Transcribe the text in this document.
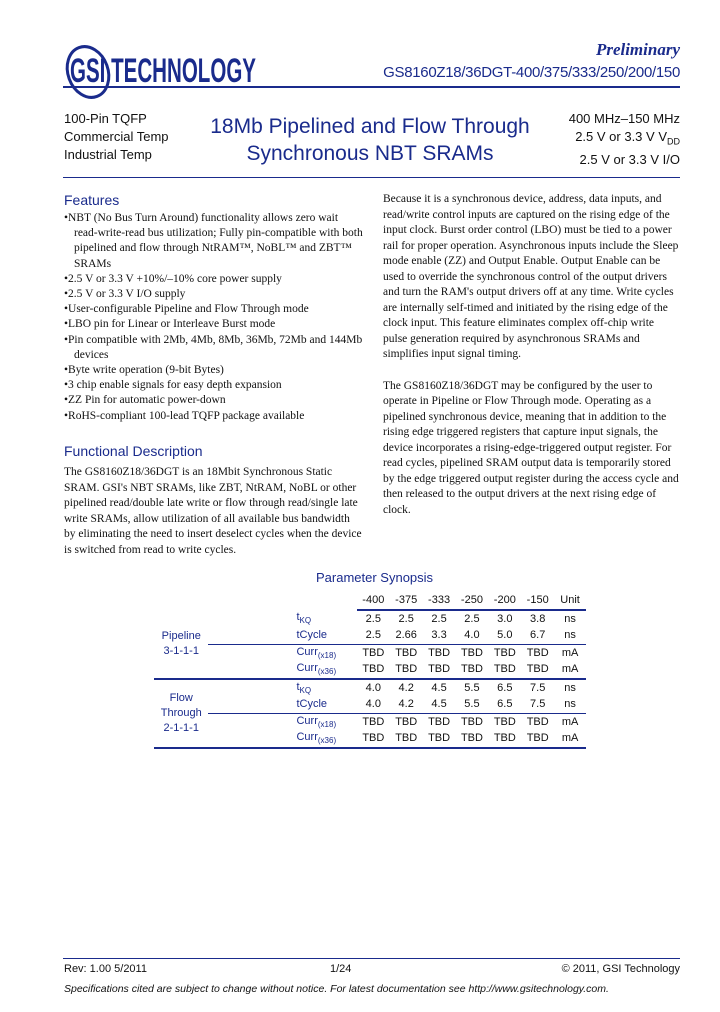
GSI TECHNOLOGY
Preliminary
GS8160Z18/36DGT-400/375/333/250/200/150
100-Pin TQFP
Commercial Temp
Industrial Temp
18Mb Pipelined and Flow Through
Synchronous NBT SRAMs
400 MHz–150 MHz
2.5 V or 3.3 V $V_{DD}$
2.5 V or 3.3 V I/O
Features
• NBT (No Bus Turn Around) functionality allows zero wait read-write-read bus utilization; Fully pin-compatible with both pipelined and flow through NtRAM™, NoBL™ and ZBT™ SRAMs
• 2.5 V or 3.3 V +10%/–10% core power supply
• 2.5 V or 3.3 V I/O supply
• User-configurable Pipeline and Flow Through mode
• LBO pin for Linear or Interleave Burst mode
• Pin compatible with 2Mb, 4Mb, 8Mb, 36Mb, 72Mb and 144Mb devices
• Byte write operation (9-bit Bytes)
• 3 chip enable signals for easy depth expansion
• ZZ Pin for automatic power-down
• RoHS-compliant 100-lead TQFP package available
Functional Description

The GS8160Z18/36DGT is an 18Mbit Synchronous Static SRAM. GSI's NBT SRAMs, like ZBT, NtRAM, NoBL or other pipelined read/double late write or flow through read/single late write SRAMs, allow utilization of all available bus bandwidth by eliminating the need to insert deselect cycles when the device is switched from read to write cycles.

Because it is a synchronous device, address, data inputs, and read/write control inputs are captured on the rising edge of the input clock. Burst order control (LBO) must be tied to a power rail for proper operation. Asynchronous inputs include the Sleep mode enable (ZZ) and Output Enable. Output Enable can be used to override the synchronous control of the output drivers and turn the RAM's output drivers off at any time. Write cycles are internally self-timed and initiated by the rising edge of the clock input. This feature eliminates complex off-chip write pulse generation required by asynchronous SRAMs and simplifies input signal timing.

The GS8160Z18/36DGT may be configured by the user to operate in Pipeline or Flow Through mode. Operating as a pipelined synchronous device, meaning that in addition to the rising edge triggered registers that capture input signals, the device incorporates a rising-edge-triggered output register. For read cycles, pipelined SRAM output data is temporarily stored by the edge triggered output register during the access cycle and then released to the output drivers at the next rising edge of clock.

Parameter Synopsis
		-400	-375	-333	-250	-200	-150	Unit

Pipeline
3-1-1-1	$t_{KQ}$	2.5	2.5	2.5	2.5	3.0	3.8	ns
	tCycle	2.5	2.66	3.3	4.0	5.0	6.7	ns
	Curr$_{(x18)}$	TBD	TBD	TBD	TBD	TBD	TBD	mA
	Curr$_{(x36)}$	TBD	TBD	TBD	TBD	TBD	TBD	mA

Flow
Through
2-1-1-1	$t_{KQ}$	4.0	4.2	4.5	5.5	6.5	7.5	ns
	tCycle	4.0	4.2	4.5	5.5	6.5	7.5	ns
	Curr$_{(x18)}$	TBD	TBD	TBD	TBD	TBD	TBD	mA
	Curr$_{(x36)}$	TBD	TBD	TBD	TBD	TBD	TBD	mA
Rev: 1.00 5/2011	1/24	© 2011, GSI Technology
Specifications cited are subject to change without notice. For latest documentation see http://www.gsitechnology.com.
